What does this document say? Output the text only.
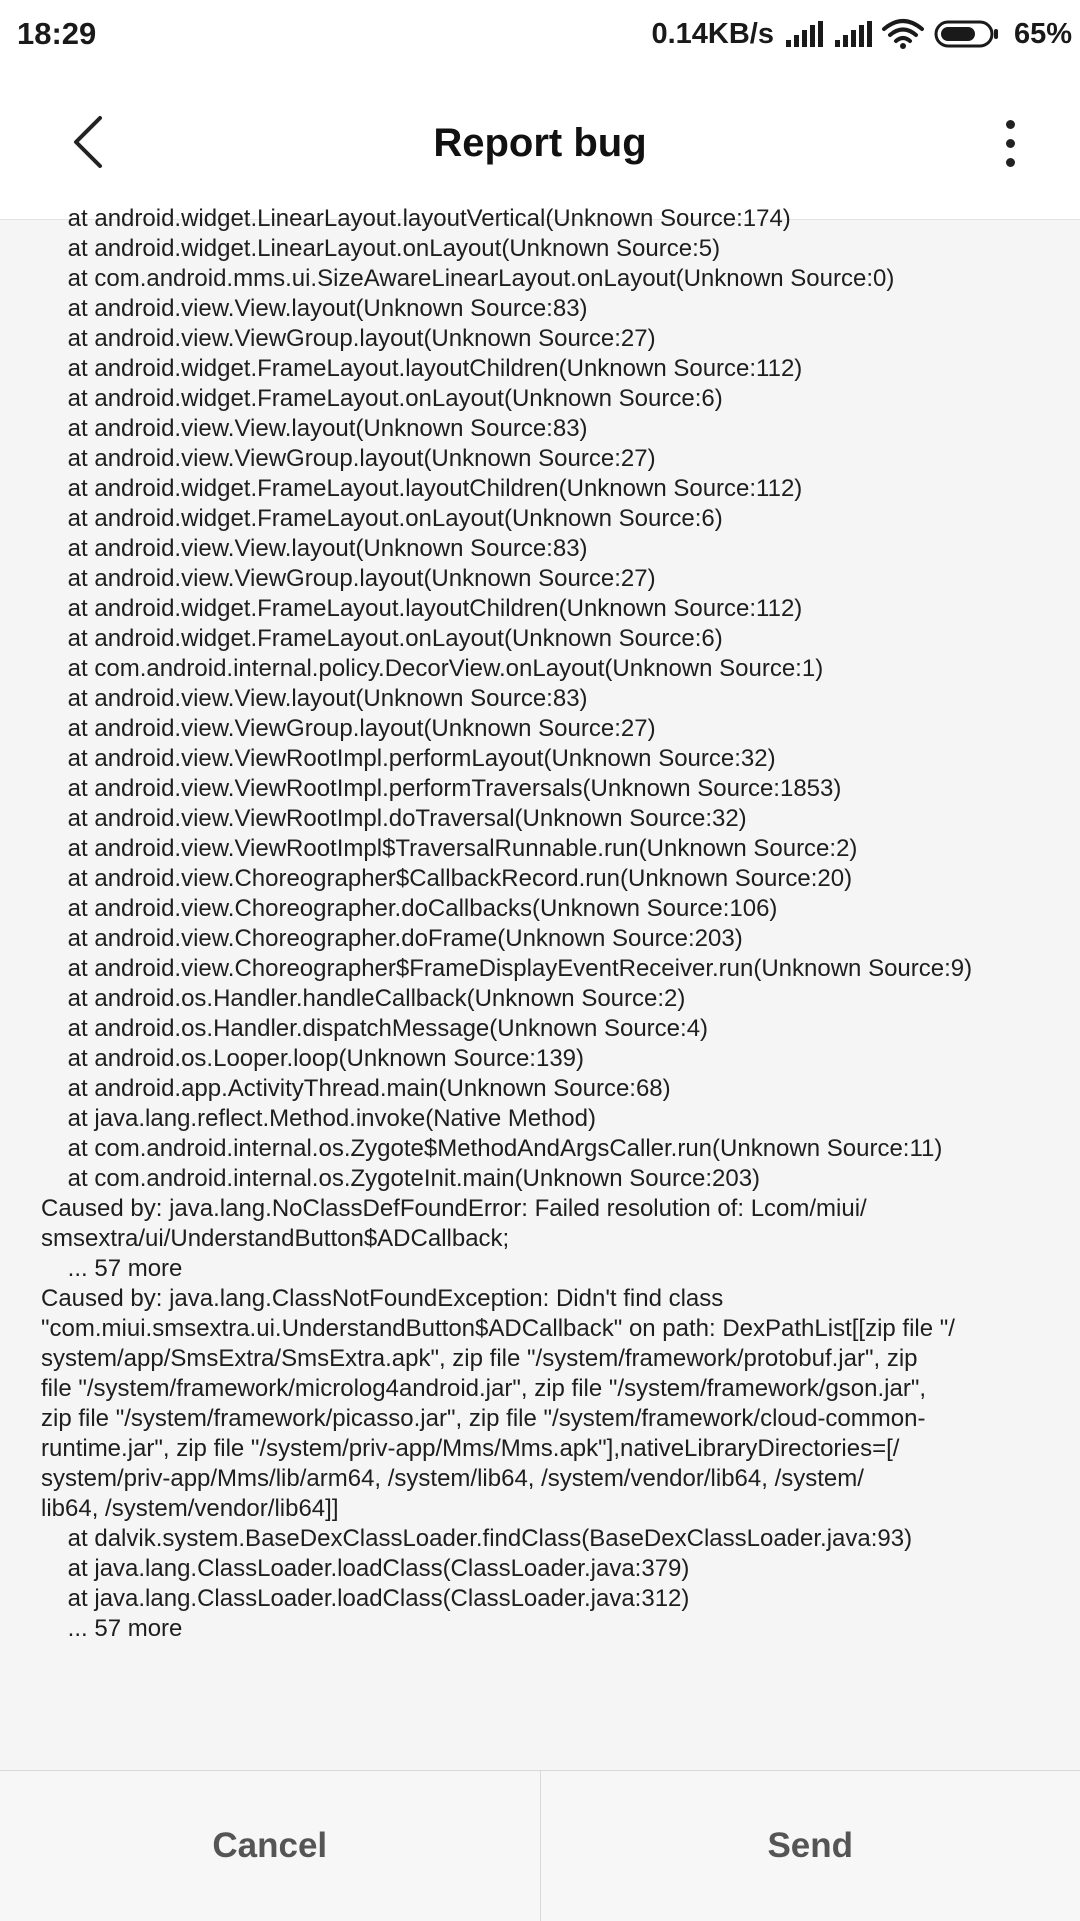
18:29	0.14KB/s	65%
Report bug
at android.widget.LinearLayout.layoutVertical(Unknown Source:174)
at android.widget.LinearLayout.onLayout(Unknown Source:5)
at com.android.mms.ui.SizeAwareLinearLayout.onLayout(Unknown Source:0)
at android.view.View.layout(Unknown Source:83)
at android.view.ViewGroup.layout(Unknown Source:27)
at android.widget.FrameLayout.layoutChildren(Unknown Source:112)
at android.widget.FrameLayout.onLayout(Unknown Source:6)
at android.view.View.layout(Unknown Source:83)
at android.view.ViewGroup.layout(Unknown Source:27)
at android.widget.FrameLayout.layoutChildren(Unknown Source:112)
at android.widget.FrameLayout.onLayout(Unknown Source:6)
at android.view.View.layout(Unknown Source:83)
at android.view.ViewGroup.layout(Unknown Source:27)
at android.widget.FrameLayout.layoutChildren(Unknown Source:112)
at android.widget.FrameLayout.onLayout(Unknown Source:6)
at com.android.internal.policy.DecorView.onLayout(Unknown Source:1)
at android.view.View.layout(Unknown Source:83)
at android.view.ViewGroup.layout(Unknown Source:27)
at android.view.ViewRootImpl.performLayout(Unknown Source:32)
at android.view.ViewRootImpl.performTraversals(Unknown Source:1853)
at android.view.ViewRootImpl.doTraversal(Unknown Source:32)
at android.view.ViewRootImpl$TraversalRunnable.run(Unknown Source:2)
at android.view.Choreographer$CallbackRecord.run(Unknown Source:20)
at android.view.Choreographer.doCallbacks(Unknown Source:106)
at android.view.Choreographer.doFrame(Unknown Source:203)
at android.view.Choreographer$FrameDisplayEventReceiver.run(Unknown Source:9)
at android.os.Handler.handleCallback(Unknown Source:2)
at android.os.Handler.dispatchMessage(Unknown Source:4)
at android.os.Looper.loop(Unknown Source:139)
at android.app.ActivityThread.main(Unknown Source:68)
at java.lang.reflect.Method.invoke(Native Method)
at com.android.internal.os.Zygote$MethodAndArgsCaller.run(Unknown Source:11)
at com.android.internal.os.ZygoteInit.main(Unknown Source:203)
Caused by: java.lang.NoClassDefFoundError: Failed resolution of: Lcom/miui/
smsextra/ui/UnderstandButton$ADCallback;
... 57 more
Caused by: java.lang.ClassNotFoundException: Didn't find class
"com.miui.smsextra.ui.UnderstandButton$ADCallback" on path: DexPathList[[zip file "/
system/app/SmsExtra/SmsExtra.apk", zip file "/system/framework/protobuf.jar", zip
file "/system/framework/microlog4android.jar", zip file "/system/framework/gson.jar",
zip file "/system/framework/picasso.jar", zip file "/system/framework/cloud-common-
runtime.jar", zip file "/system/priv-app/Mms/Mms.apk"],nativeLibraryDirectories=[/
system/priv-app/Mms/lib/arm64, /system/lib64, /system/vendor/lib64, /system/
lib64, /system/vendor/lib64]]
at dalvik.system.BaseDexClassLoader.findClass(BaseDexClassLoader.java:93)
at java.lang.ClassLoader.loadClass(ClassLoader.java:379)
at java.lang.ClassLoader.loadClass(ClassLoader.java:312)
... 57 more
Cancel	Send
